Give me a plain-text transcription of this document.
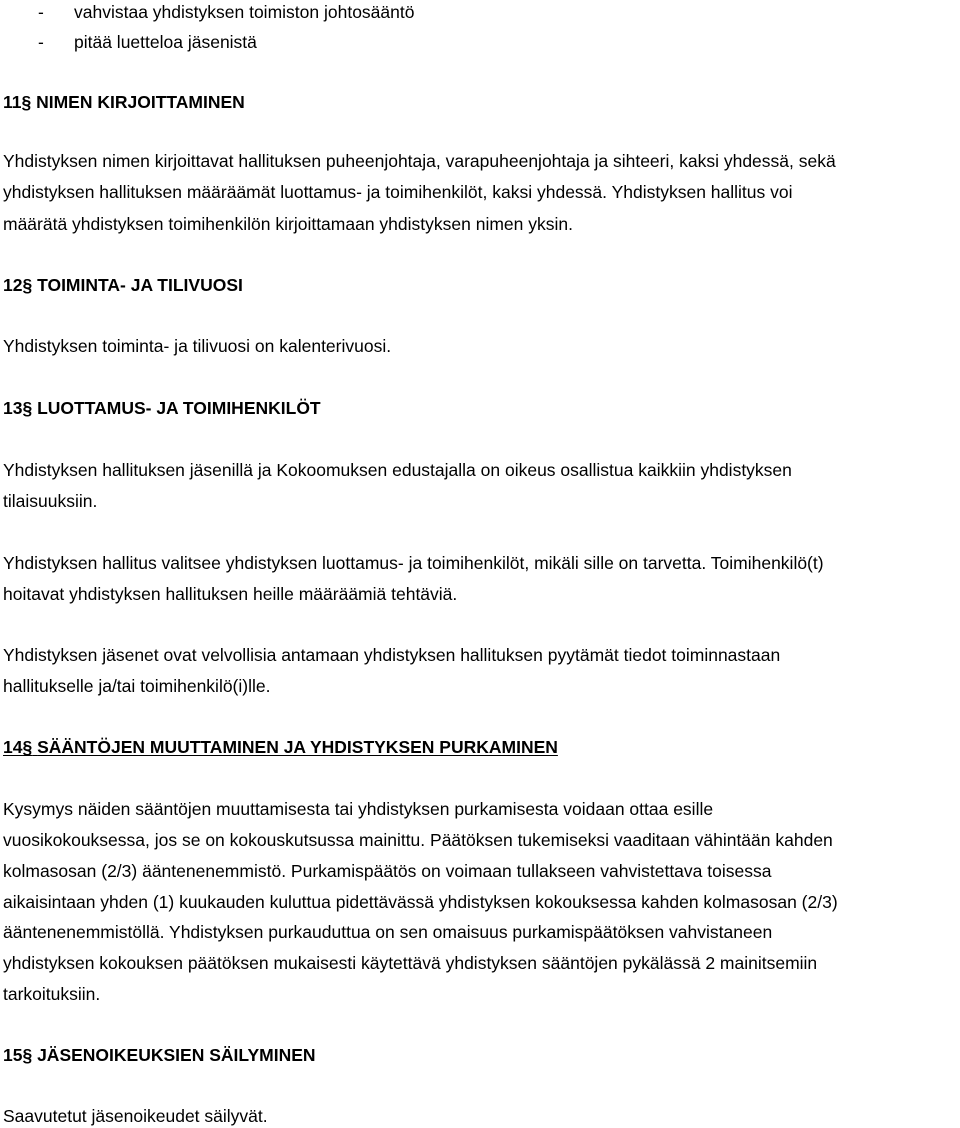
- vahvistaa yhdistyksen toimiston johtosääntö
- pitää luetteloa jäsenistä
11§ NIMEN KIRJOITTAMINEN
Yhdistyksen nimen kirjoittavat hallituksen puheenjohtaja, varapuheenjohtaja ja sihteeri, kaksi yhdessä, sekä
yhdistyksen hallituksen määräämät luottamus- ja toimihenkilöt, kaksi yhdessä. Yhdistyksen hallitus voi
määrätä yhdistyksen toimihenkilön kirjoittamaan yhdistyksen nimen yksin.
12§ TOIMINTA- JA TILIVUOSI
Yhdistyksen toiminta- ja tilivuosi on kalenterivuosi.
13§ LUOTTAMUS- JA TOIMIHENKILÖT
Yhdistyksen hallituksen jäsenillä ja Kokoomuksen edustajalla on oikeus osallistua kaikkiin yhdistyksen
tilaisuuksiin.
Yhdistyksen hallitus valitsee yhdistyksen luottamus- ja toimihenkilöt, mikäli sille on tarvetta. Toimihenkilö(t)
hoitavat yhdistyksen hallituksen heille määräämiä tehtäviä.
Yhdistyksen jäsenet ovat velvollisia antamaan yhdistyksen hallituksen pyytämät tiedot toiminnastaan
hallitukselle ja/tai toimihenkilö(i)lle.
14§ SÄÄNTÖJEN MUUTTAMINEN JA YHDISTYKSEN PURKAMINEN
Kysymys näiden sääntöjen muuttamisesta tai yhdistyksen purkamisesta voidaan ottaa esille
vuosikokouksessa, jos se on kokouskutsussa mainittu. Päätöksen tukemiseksi vaaditaan vähintään kahden
kolmasosan (2/3) ääntenenemmistö. Purkamispäätös on voimaan tullakseen vahvistettava toisessa
aikaisintaan yhden (1) kuukauden kuluttua pidettävässä yhdistyksen kokouksessa kahden kolmasosan (2/3)
ääntenenemmistöllä. Yhdistyksen purkauduttua on sen omaisuus purkamispäätöksen vahvistaneen
yhdistyksen kokouksen päätöksen mukaisesti käytettävä yhdistyksen sääntöjen pykälässä 2 mainitsemiin
tarkoituksiin.
15§ JÄSENOIKEUKSIEN SÄILYMINEN
Saavutetut jäsenoikeudet säilyvät.
